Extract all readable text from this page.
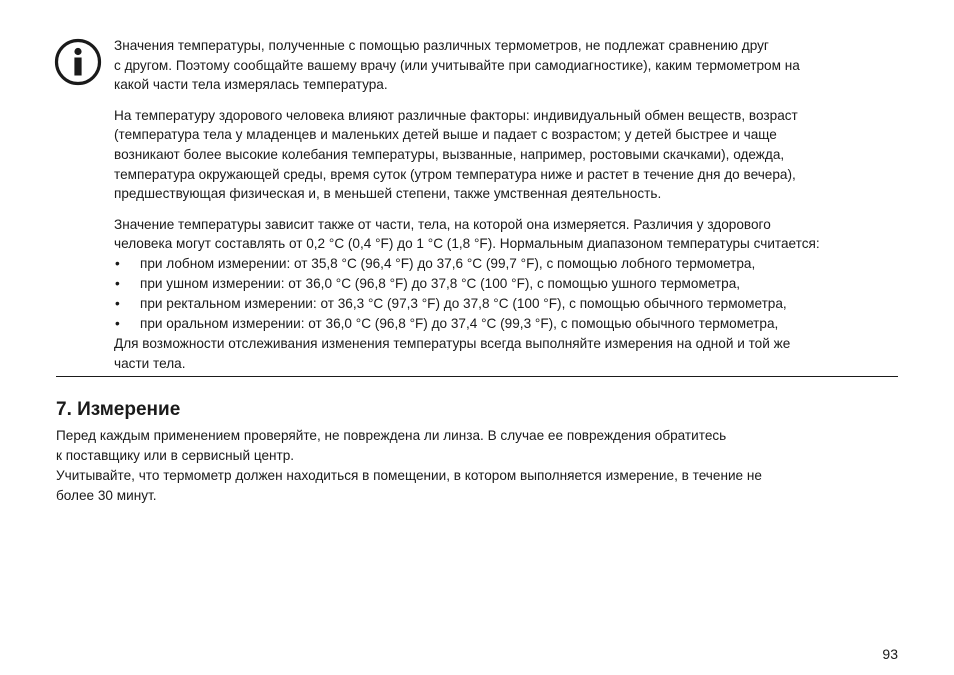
Значения температуры, полученные с помощью различных термометров, не подлежат сравнению друг
с другом. Поэтому сообщайте вашему врачу (или учитывайте при самодиагностике), каким термометром на
какой части тела измерялась температура.

На температуру здорового человека влияют различные факторы: индивидуальный обмен веществ, возраст
(температура тела у младенцев и маленьких детей выше и падает с возрастом; у детей быстрее и чаще
возникают более высокие колебания температуры, вызванные, например, ростовыми скачками), одежда,
температура окружающей среды, время суток (утром температура ниже и растет в течение дня до вечера),
предшествующая физическая и, в меньшей степени, также умственная деятельность.

Значение температуры зависит также от части, тела, на которой она измеряется. Различия у здорового
человека могут составлять от 0,2 °C (0,4 °F) до 1 °C (1,8 °F). Нормальным диапазоном температуры считается:

• при лобном измерении: от 35,8 °C (96,4 °F) до 37,6 °C (99,7 °F), с помощью лобного термометра,
• при ушном измерении: от 36,0 °C (96,8 °F) до 37,8 °C (100 °F), с помощью ушного термометра,
• при ректальном измерении: от 36,3 °C (97,3 °F) до 37,8 °C (100 °F), с помощью обычного термометра,
• при оральном измерении: от 36,0 °C (96,8 °F) до 37,4 °C (99,3 °F), с помощью обычного термометра,

Для возможности отслеживания изменения температуры всегда выполняйте измерения на одной и той же
части тела.

7. Измерение

Перед каждым применением проверяйте, не повреждена ли линза. В случае ее повреждения обратитесь
к поставщику или в сервисный центр.

Учитывайте, что термометр должен находиться в помещении, в котором выполняется измерение, в течение не
более 30 минут.

93
